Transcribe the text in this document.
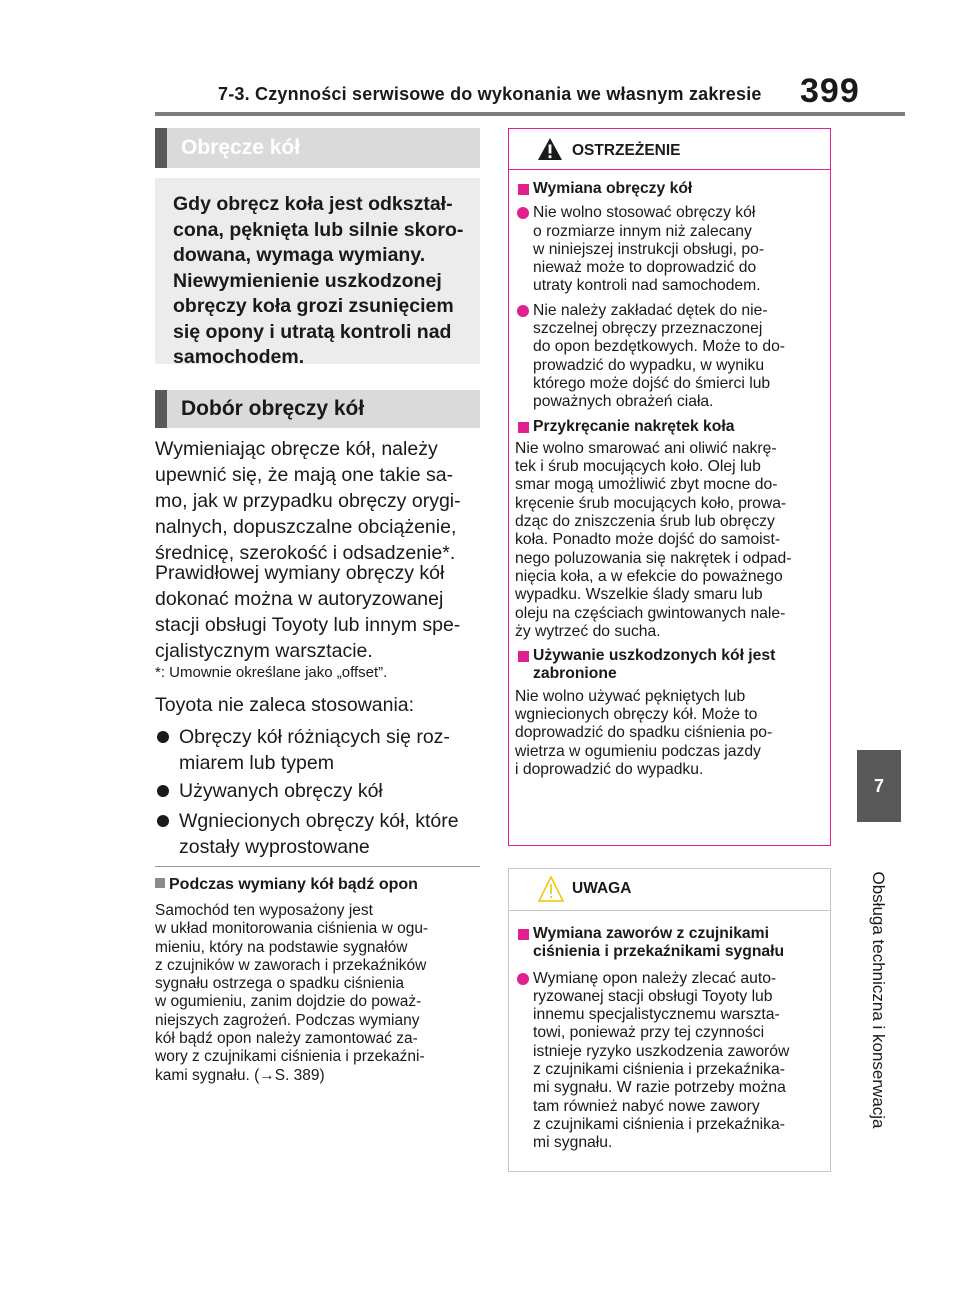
7-3. Czynności serwisowe do wykonania we własnym zakresie 399
7
Obsługa techniczna i konserwacja
Obręcze kół
Gdy obręcz koła jest odkształ-
cona, pęknięta lub silnie skoro-
dowana, wymaga wymiany.
Niewymienienie uszkodzonej
obręczy koła grozi zsunięciem
się opony i utratą kontroli nad
samochodem.
Dobór obręczy kół
Wymieniając obręcze kół, należy
upewnić się, że mają one takie sa-
mo, jak w przypadku obręczy orygi-
nalnych, dopuszczalne obciążenie,
średnicę, szerokość i odsadzenie*.
Prawidłowej wymiany obręczy kół
dokonać można w autoryzowanej
stacji obsługi Toyoty lub innym spe-
cjalistycznym warsztacie.
*: Umownie określane jako „offset”.
Toyota nie zaleca stosowania:
Obręczy kół różniących się roz-
miarem lub typem
Używanych obręczy kół
Wgniecionych obręczy kół, które
zostały wyprostowane
Podczas wymiany kół bądź opon
Samochód ten wyposażony jest
w układ monitorowania ciśnienia w ogu-
mieniu, który na podstawie sygnałów
z czujników w zaworach i przekaźników
sygnału ostrzega o spadku ciśnienia
w ogumieniu, zanim dojdzie do poważ-
niejszych zagrożeń. Podczas wymiany
kół bądź opon należy zamontować za-
wory z czujnikami ciśnienia i przekaźni-
kami sygnału. (→S. 389)
OSTRZEŻENIE
Wymiana obręczy kół
Nie wolno stosować obręczy kół
o rozmiarze innym niż zalecany
w niniejszej instrukcji obsługi, po-
nieważ może to doprowadzić do
utraty kontroli nad samochodem.
Nie należy zakładać dętek do nie-
szczelnej obręczy przeznaczonej
do opon bezdętkowych. Może to do-
prowadzić do wypadku, w wyniku
którego może dojść do śmierci lub
poważnych obrażeń ciała.
Przykręcanie nakrętek koła
Nie wolno smarować ani oliwić nakrę-
tek i śrub mocujących koło. Olej lub
smar mogą umożliwić zbyt mocne do-
kręcenie śrub mocujących koło, prowa-
dząc do zniszczenia śrub lub obręczy
koła. Ponadto może dojść do samoist-
nego poluzowania się nakrętek i odpad-
nięcia koła, a w efekcie do poważnego
wypadku. Wszelkie ślady smaru lub
oleju na częściach gwintowanych nale-
ży wytrzeć do sucha.
Używanie uszkodzonych kół jest
zabronione
Nie wolno używać pękniętych lub
wgniecionych obręczy kół. Może to
doprowadzić do spadku ciśnienia po-
wietrza w ogumieniu podczas jazdy
i doprowadzić do wypadku.
UWAGA
Wymiana zaworów z czujnikami
ciśnienia i przekaźnikami sygnału
Wymianę opon należy zlecać auto-
ryzowanej stacji obsługi Toyoty lub
innemu specjalistycznemu warszta-
towi, ponieważ przy tej czynności
istnieje ryzyko uszkodzenia zaworów
z czujnikami ciśnienia i przekaźnika-
mi sygnału. W razie potrzeby można
tam również nabyć nowe zawory
z czujnikami ciśnienia i przekaźnika-
mi sygnału.
